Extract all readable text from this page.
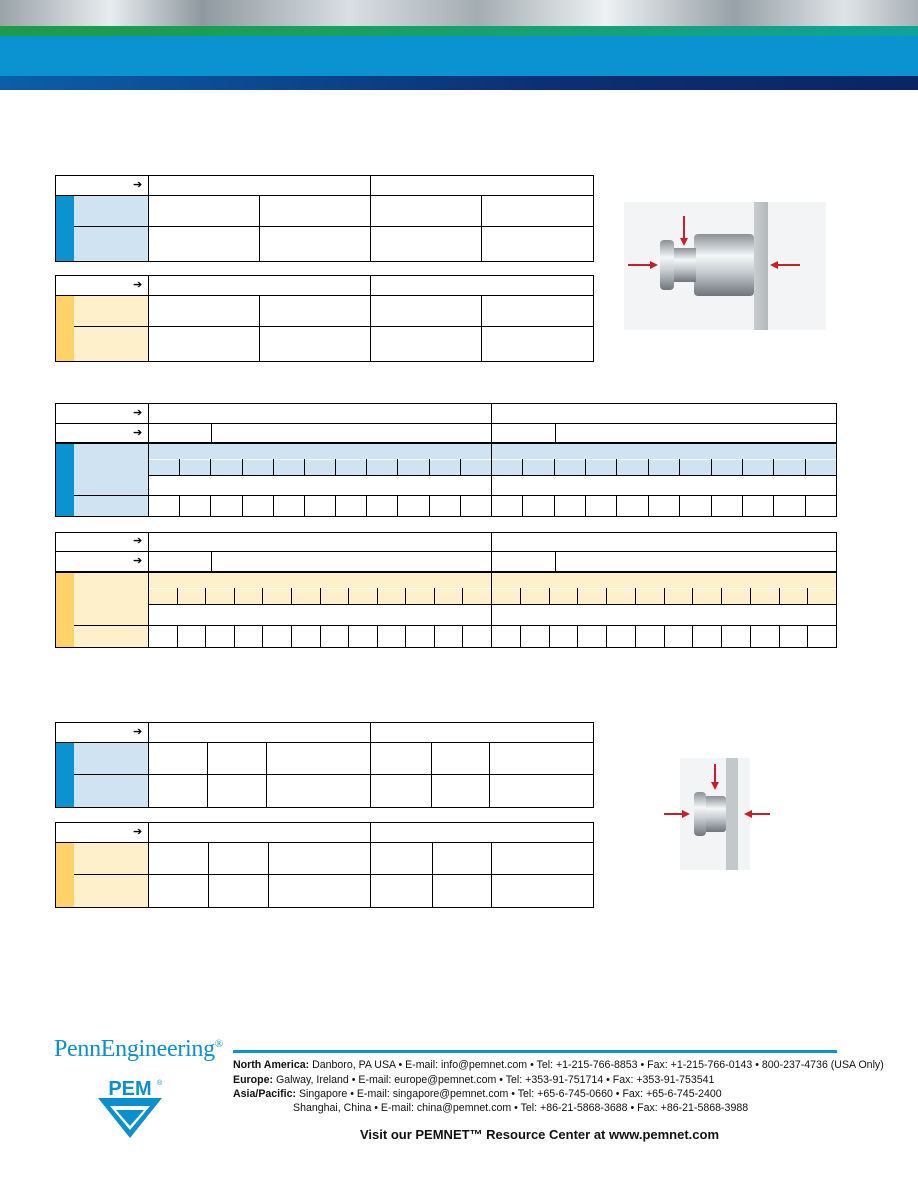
➔
➔
➔
➔
➔
➔
➔
➔
PennEngineering®
PEM ®
North America: Danboro, PA USA • E-mail: info@pemnet.com • Tel: +1-215-766-8853 • Fax: +1-215-766-0143 • 800-237-4736 (USA Only)
Europe: Galway, Ireland • E-mail: europe@pemnet.com • Tel: +353-91-751714 • Fax: +353-91-753541
Asia/Pacific: Singapore • E-mail: singapore@pemnet.com • Tel: +65-6-745-0660 • Fax: +65-6-745-2400
Shanghai, China • E-mail: china@pemnet.com • Tel: +86-21-5868-3688 • Fax: +86-21-5868-3988
Visit our PEMNET™ Resource Center at www.pemnet.com
